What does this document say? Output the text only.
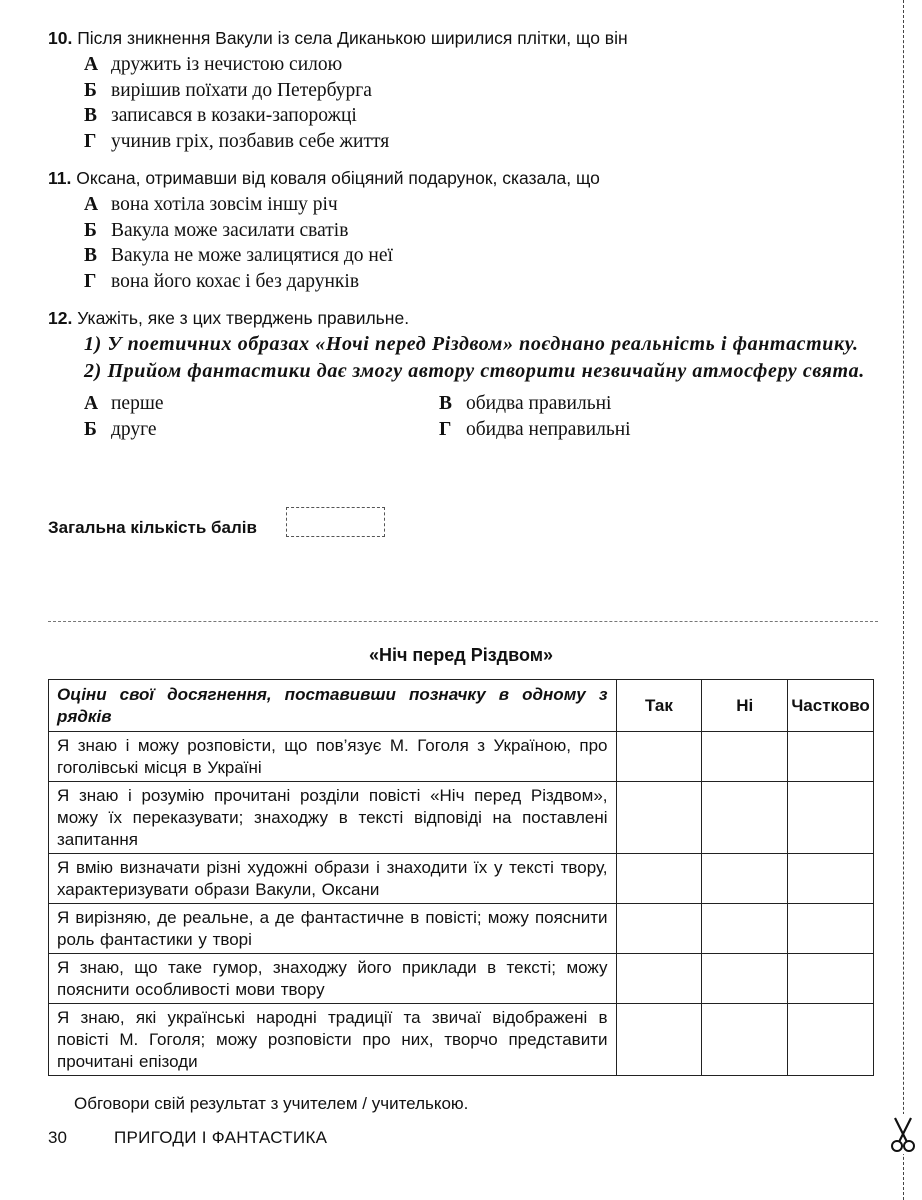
10. Після зникнення Вакули із села Диканькою ширилися плітки, що він
А дружить із нечистою силою
Б вирішив поїхати до Петербурга
В записався в козаки-запорожці
Г учинив гріх, позбавив себе життя
11. Оксана, отримавши від коваля обіцяний подарунок, сказала, що
А вона хотіла зовсім іншу річ
Б Вакула може засилати сватів
В Вакула не може залицятися до неї
Г вона його кохає і без дарунків
12. Укажіть, яке з цих тверджень правильне.
1) У поетичних образах «Ночі перед Різдвом» поєднано реальність і фантастику.
2) Прийом фантастики дає змогу автору створити незвичайну атмосферу свята.
А перше	В обидва правильні
Б друге	Г обидва неправильні
Загальна кількість балів
«Ніч перед Різдвом»
Оціни свої досягнення, поставивши позначку в одному з рядків	Так	Ні	Частково
Я знаю і можу розповісти, що пов’язує М. Гоголя з Україною, про гоголівські місця в Україні			
Я знаю і розумію прочитані розділи повісті «Ніч перед Різдвом», можу їх переказувати; знаходжу в тексті відповіді на поставлені запитання			
Я вмію визначати різні художні образи і знаходити їх у тексті твору, характеризувати образи Вакули, Оксани			
Я вирізняю, де реальне, а де фантастичне в повісті; можу пояснити роль фантастики у творі			
Я знаю, що таке гумор, знаходжу його приклади в тексті; можу пояснити особливості мови твору			
Я знаю, які українські народні традиції та звичаї відображені в повісті М. Гоголя; можу розповісти про них, творчо представити прочитані епізоди			
Обговори свій результат з учителем / учителькою.
30	ПРИГОДИ І ФАНТАСТИКА
